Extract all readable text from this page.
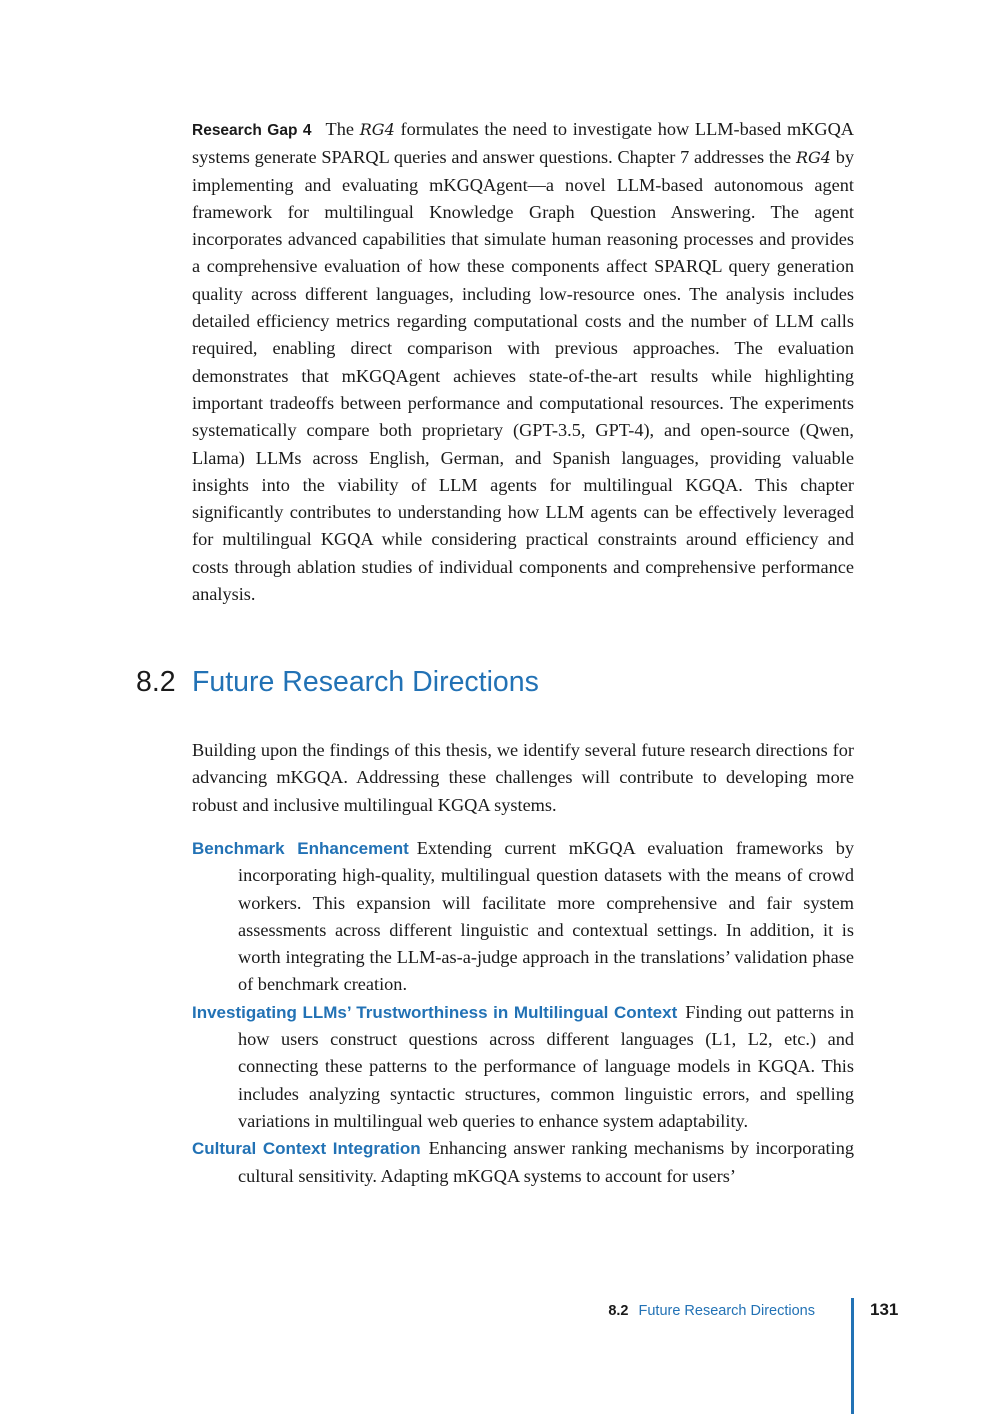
Research Gap 4 The RG4 formulates the need to investigate how LLM-based mKGQA systems generate SPARQL queries and answer questions. Chapter 7 addresses the RG4 by implementing and evaluating mKGQAgent—a novel LLM-based autonomous agent framework for multilingual Knowledge Graph Question Answering. The agent incorporates advanced capabilities that simulate human reasoning processes and provides a comprehensive evaluation of how these components affect SPARQL query generation quality across different languages, including low-resource ones. The analysis includes detailed efficiency metrics regarding computational costs and the number of LLM calls required, enabling direct comparison with previous approaches. The evaluation demonstrates that mKGQAgent achieves state-of-the-art results while highlighting important tradeoffs between performance and computational resources. The experiments systematically compare both proprietary (GPT-3.5, GPT-4), and open-source (Qwen, Llama) LLMs across English, German, and Spanish languages, providing valuable insights into the viability of LLM agents for multilingual KGQA. This chapter significantly contributes to understanding how LLM agents can be effectively leveraged for multilingual KGQA while considering practical constraints around efficiency and costs through ablation studies of individual components and comprehensive performance analysis.

8.2 Future Research Directions

Building upon the findings of this thesis, we identify several future research directions for advancing mKGQA. Addressing these challenges will contribute to developing more robust and inclusive multilingual KGQA systems.

Benchmark Enhancement Extending current mKGQA evaluation frameworks by incorporating high-quality, multilingual question datasets with the means of crowd workers. This expansion will facilitate more comprehensive and fair system assessments across different linguistic and contextual settings. In addition, it is worth integrating the LLM-as-a-judge approach in the translations’ validation phase of benchmark creation.

Investigating LLMs’ Trustworthiness in Multilingual Context Finding out patterns in how users construct questions across different languages (L1, L2, etc.) and connecting these patterns to the performance of language models in KGQA. This includes analyzing syntactic structures, common linguistic errors, and spelling variations in multilingual web queries to enhance system adaptability.

Cultural Context Integration Enhancing answer ranking mechanisms by incorporating cultural sensitivity. Adapting mKGQA systems to account for users’

8.2 Future Research Directions	131
